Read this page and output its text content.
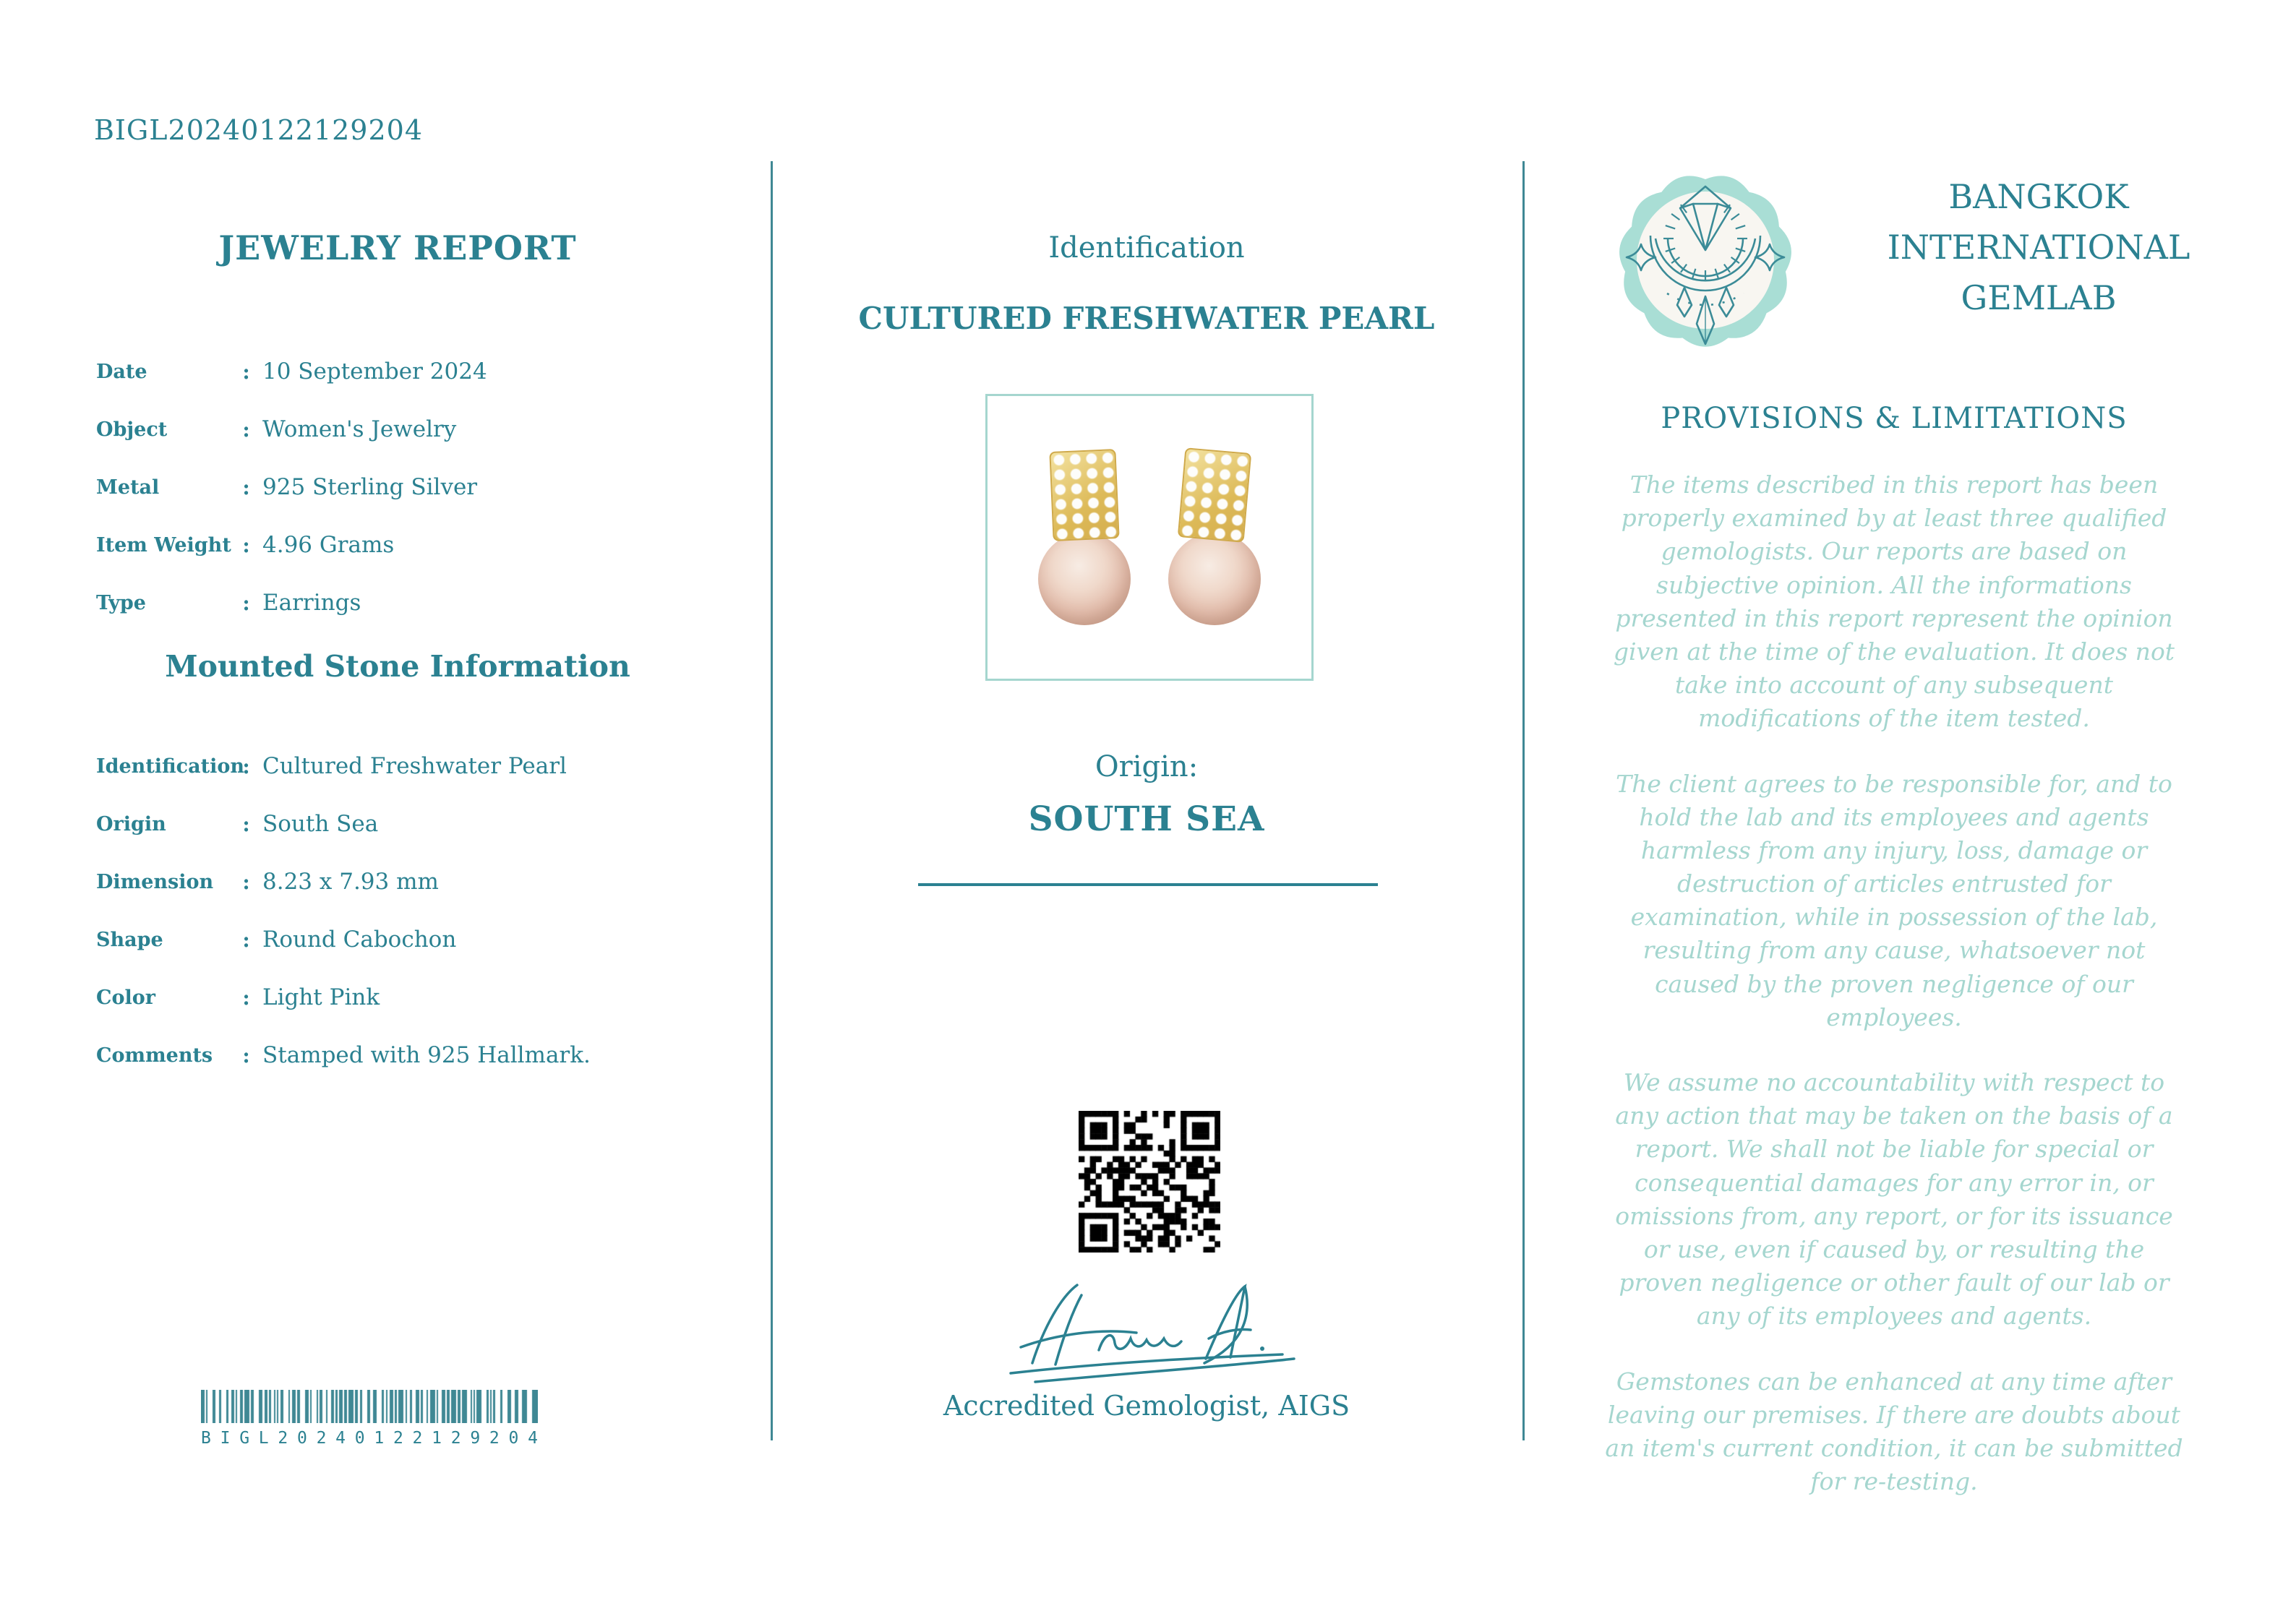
BIGL20240122129204
JEWELRY REPORT
Date	: 10 September 2024
Object	: Women's Jewelry
Metal	: 925 Sterling Silver
Item Weight : 4.96 Grams
Type	: Earrings
Mounted Stone Information
Identification
: Cultured Freshwater Pearl
Origin	: South Sea
Dimension	: 8.23 x 7.93 mm
Shape	: Round Cabochon
Color	: Light Pink
Comments	: Stamped with 925 Hallmark.
B I G L 2 0 2 4 0 1 2 2 1 2 9 2 0 4
Identification
CULTURED FRESHWATER PEARL
Origin:
SOUTH SEA
Accredited Gemologist, AIGS
BANGKOK
INTERNATIONAL
GEMLAB
PROVISIONS & LIMITATIONS

The items described in this report has been properly examined by at least three qualified gemologists. Our reports are based on subjective opinion. All the informations presented in this report represent the opinion given at the time of the evaluation. It does not take into account of any subsequent modifications of the item tested.

The client agrees to be responsible for, and to hold the lab and its employees and agents harmless from any injury, loss, damage or destruction of articles entrusted for examination, while in possession of the lab, resulting from any cause, whatsoever not caused by the proven negligence of our employees.

We assume no accountability with respect to any action that may be taken on the basis of a report. We shall not be liable for special or consequential damages for any error in, or omissions from, any report, or for its issuance or use, even if caused by, or resulting the proven negligence or other fault of our lab or any of its employees and agents.

Gemstones can be enhanced at any time after leaving our premises. If there are doubts about an item's current condition, it can be submitted for re-testing.
